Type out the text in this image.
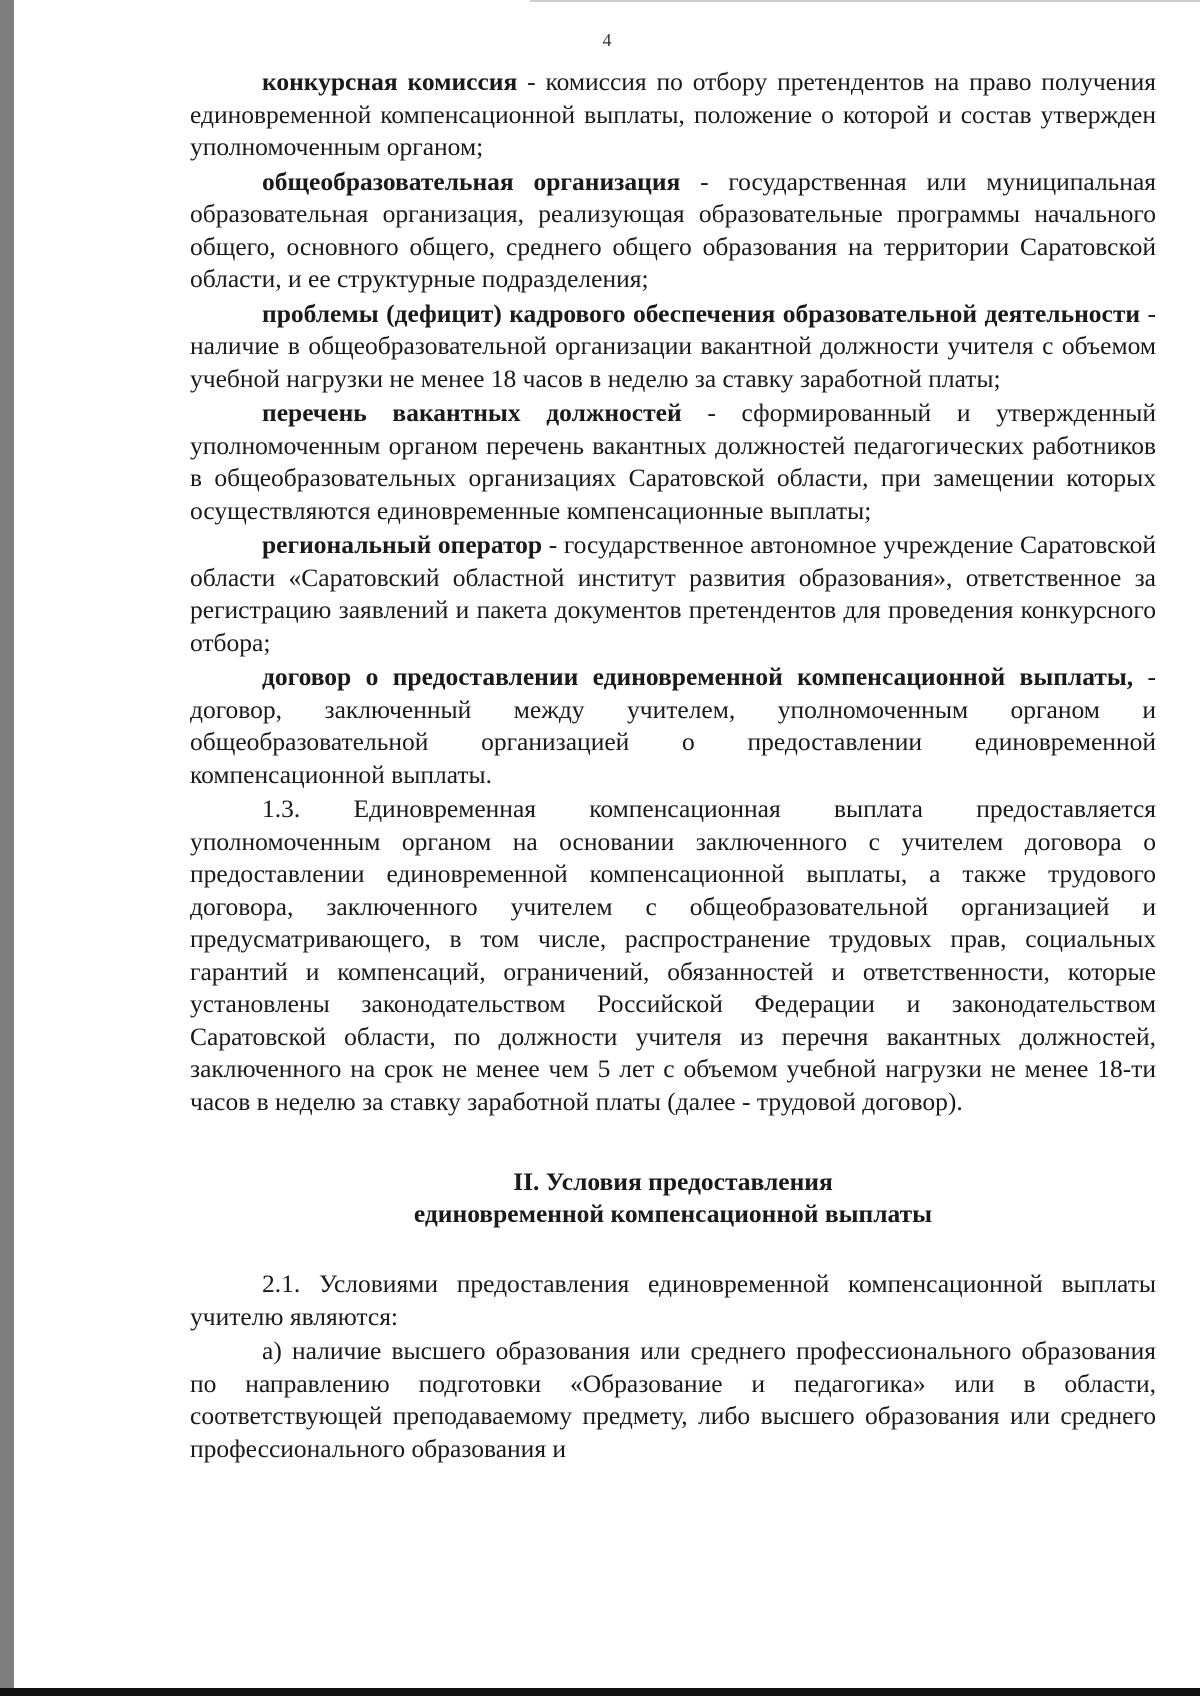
4

конкурсная комиссия - комиссия по отбору претендентов на право получения единовременной компенсационной выплаты, положение о которой и состав утвержден уполномоченным органом;

общеобразовательная организация - государственная или муниципальная образовательная организация, реализующая образовательные программы начального общего, основного общего, среднего общего образования на территории Саратовской области, и ее структурные подразделения;

проблемы (дефицит) кадрового обеспечения образовательной деятельности - наличие в общеобразовательной организации вакантной должности учителя с объемом учебной нагрузки не менее 18 часов в неделю за ставку заработной платы;

перечень вакантных должностей - сформированный и утвержденный уполномоченным органом перечень вакантных должностей педагогических работников в общеобразовательных организациях Саратовской области, при замещении которых осуществляются единовременные компенсационные выплаты;

региональный оператор - государственное автономное учреждение Саратовской области «Саратовский областной институт развития образования», ответственное за регистрацию заявлений и пакета документов претендентов для проведения конкурсного отбора;

договор о предоставлении единовременной компенсационной выплаты, - договор, заключенный между учителем, уполномоченным органом и общеобразовательной организацией о предоставлении единовременной компенсационной выплаты.

1.3. Единовременная компенсационная выплата предоставляется уполномоченным органом на основании заключенного с учителем договора о предоставлении единовременной компенсационной выплаты, а также трудового договора, заключенного учителем с общеобразовательной организацией и предусматривающего, в том числе, распространение трудовых прав, социальных гарантий и компенсаций, ограничений, обязанностей и ответственности, которые установлены законодательством Российской Федерации и законодательством Саратовской области, по должности учителя из перечня вакантных должностей, заключенного на срок не менее чем 5 лет с объемом учебной нагрузки не менее 18-ти часов в неделю за ставку заработной платы (далее - трудовой договор).

II. Условия предоставления
единовременной компенсационной выплаты

2.1. Условиями предоставления единовременной компенсационной выплаты учителю являются:

а) наличие высшего образования или среднего профессионального образования по направлению подготовки «Образование и педагогика» или в области, соответствующей преподаваемому предмету, либо высшего образования или среднего профессионального образования и
